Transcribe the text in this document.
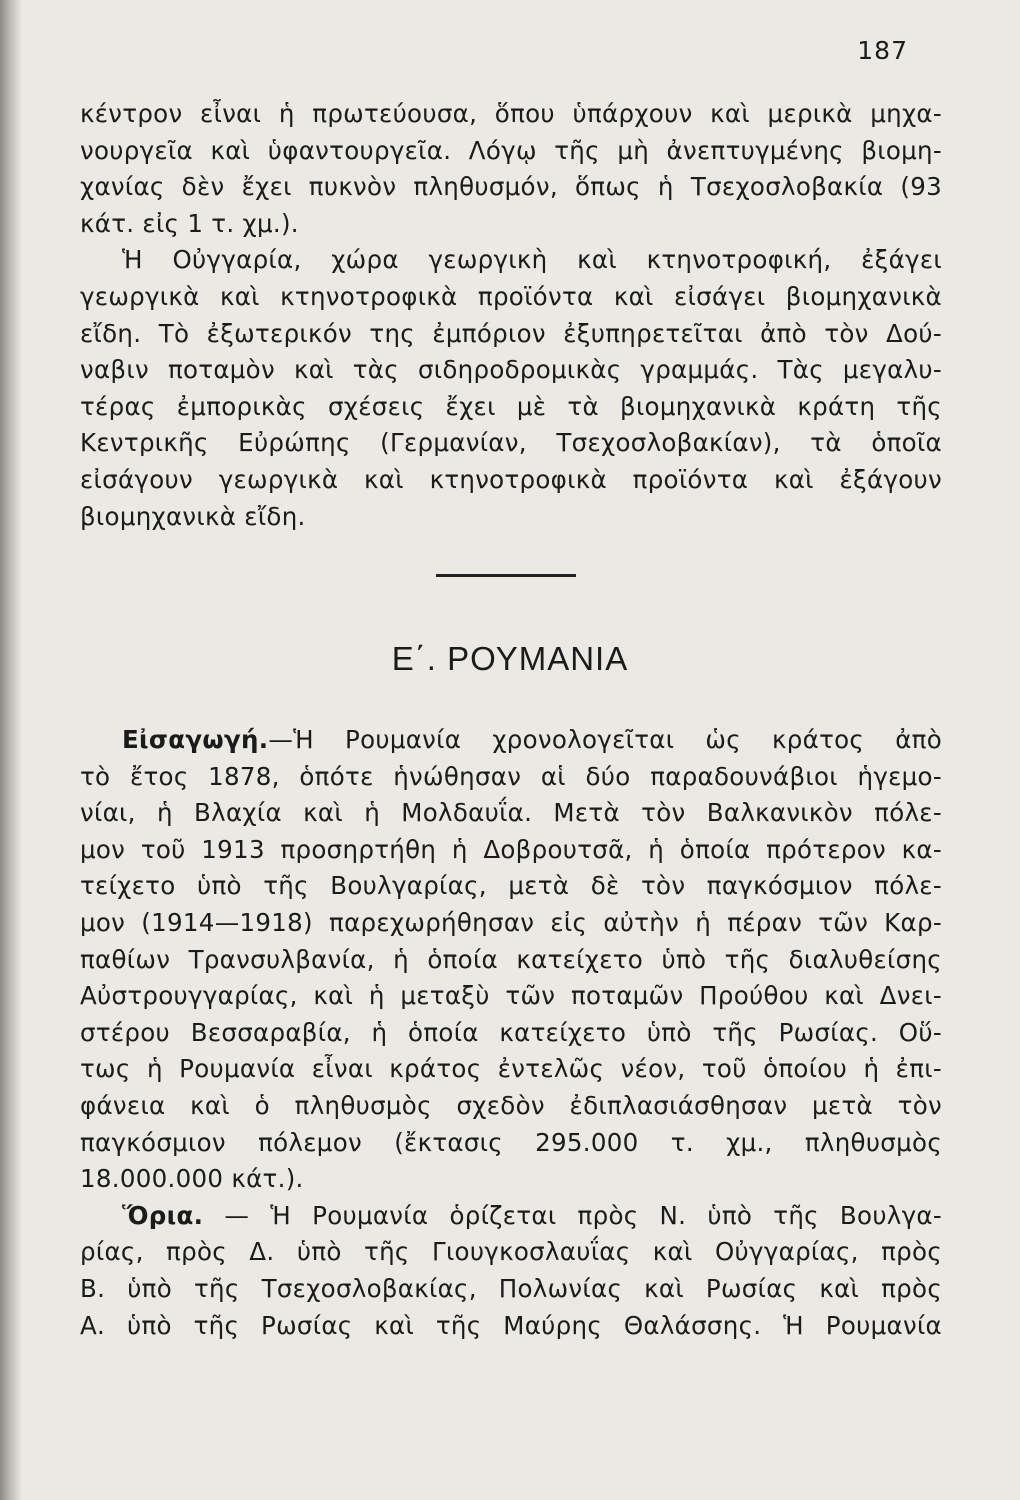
187
κέντρον εἶναι ἡ πρωτεύουσα, ὅπου ὑπάρχουν καὶ μερικὰ μηχα-
νουργεῖα καὶ ὑφαντουργεῖα. Λόγῳ τῆς μὴ ἀνεπτυγμένης βιομη-
χανίας δὲν ἔχει πυκνὸν πληθυσμόν, ὅπως ἡ Τσεχοσλοβακία (93
κάτ. εἰς 1 τ. χμ.).
Ἡ Οὐγγαρία, χώρα γεωργικὴ καὶ κτηνοτροφική, ἐξάγει
γεωργικὰ καὶ κτηνοτροφικὰ προϊόντα καὶ εἰσάγει βιομηχανικὰ
εἴδη. Τὸ ἐξωτερικόν της ἐμπόριον ἐξυπηρετεῖται ἀπὸ τὸν Δού-
ναβιν ποταμὸν καὶ τὰς σιδηροδρομικὰς γραμμάς. Τὰς μεγαλυ-
τέρας ἐμπορικὰς σχέσεις ἔχει μὲ τὰ βιομηχανικὰ κράτη τῆς
Κεντρικῆς Εὐρώπης (Γερμανίαν, Τσεχοσλοβακίαν), τὰ ὁποῖα
εἰσάγουν γεωργικὰ καὶ κτηνοτροφικὰ προϊόντα καὶ ἐξάγουν
βιομηχανικὰ εἴδη.
Ε΄. ΡΟΥΜΑΝΙΑ
Εἰσαγωγή.—Ἡ Ρουμανία χρονολογεῖται ὡς κράτος ἀπὸ
τὸ ἔτος 1878, ὁπότε ἡνώθησαν αἱ δύο παραδουνάβιοι ἡγεμο-
νίαι, ἡ Βλαχία καὶ ἡ Μολδαυΐα. Μετὰ τὸν Βαλκανικὸν πόλε-
μον τοῦ 1913 προσηρτήθη ἡ Δοβρουτσᾶ, ἡ ὁποία πρότερον κα-
τείχετο ὑπὸ τῆς Βουλγαρίας, μετὰ δὲ τὸν παγκόσμιον πόλε-
μον (1914—1918) παρεχωρήθησαν εἰς αὐτὴν ἡ πέραν τῶν Καρ-
παθίων Τρανσυλβανία, ἡ ὁποία κατείχετο ὑπὸ τῆς διαλυθείσης
Αὐστρουγγαρίας, καὶ ἡ μεταξὺ τῶν ποταμῶν Προύθου καὶ Δνει-
στέρου Βεσσαραβία, ἡ ὁποία κατείχετο ὑπὸ τῆς Ρωσίας. Οὕ-
τως ἡ Ρουμανία εἶναι κράτος ἐντελῶς νέον, τοῦ ὁποίου ἡ ἐπι-
φάνεια καὶ ὁ πληθυσμὸς σχεδὸν ἐδιπλασιάσθησαν μετὰ τὸν
παγκόσμιον πόλεμον (ἔκτασις 295.000 τ. χμ., πληθυσμὸς
18.000.000 κάτ.).
Ὅρια. — Ἡ Ρουμανία ὁρίζεται πρὸς Ν. ὑπὸ τῆς Βουλγα-
ρίας, πρὸς Δ. ὑπὸ τῆς Γιουγκοσλαυΐας καὶ Οὐγγαρίας, πρὸς
Β. ὑπὸ τῆς Τσεχοσλοβακίας, Πολωνίας καὶ Ρωσίας καὶ πρὸς
Α. ὑπὸ τῆς Ρωσίας καὶ τῆς Μαύρης Θαλάσσης. Ἡ Ρουμανία
